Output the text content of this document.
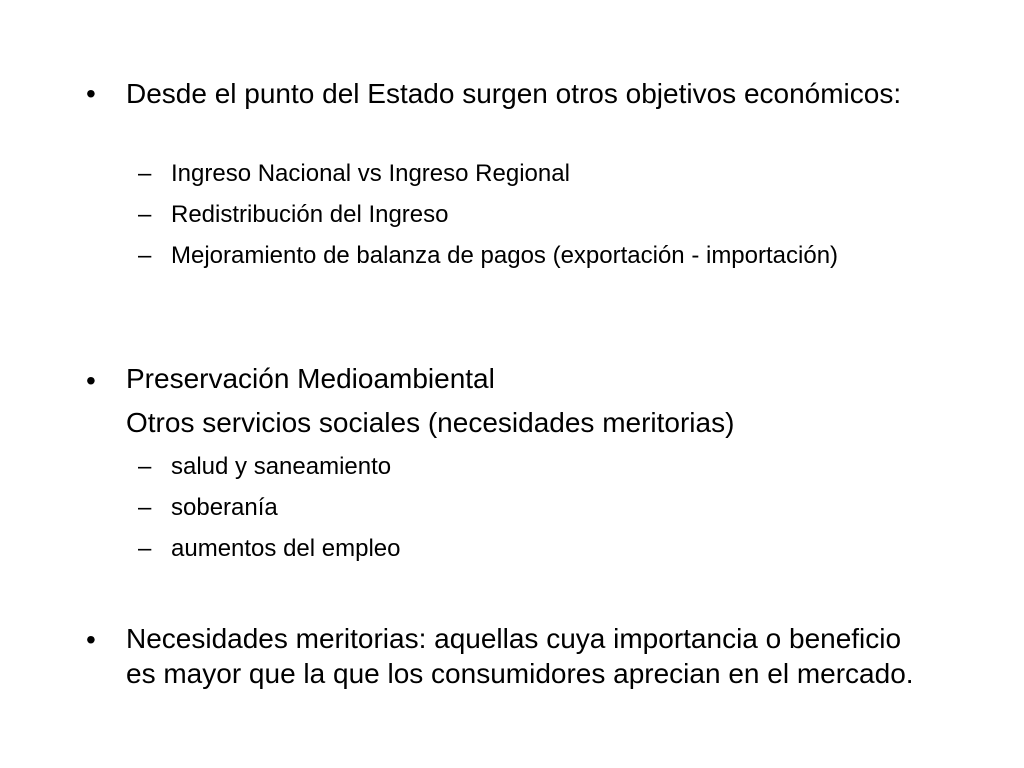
• Desde el punto del Estado surgen otros objetivos económicos:
– Ingreso Nacional vs Ingreso Regional
– Redistribución del Ingreso
– Mejoramiento de balanza de pagos (exportación - importación)
• Preservación Medioambiental
Otros servicios sociales (necesidades meritorias)
– salud y saneamiento
– soberanía
– aumentos del empleo
• Necesidades meritorias: aquellas cuya importancia o beneficio es mayor que la que los consumidores aprecian en el mercado.
